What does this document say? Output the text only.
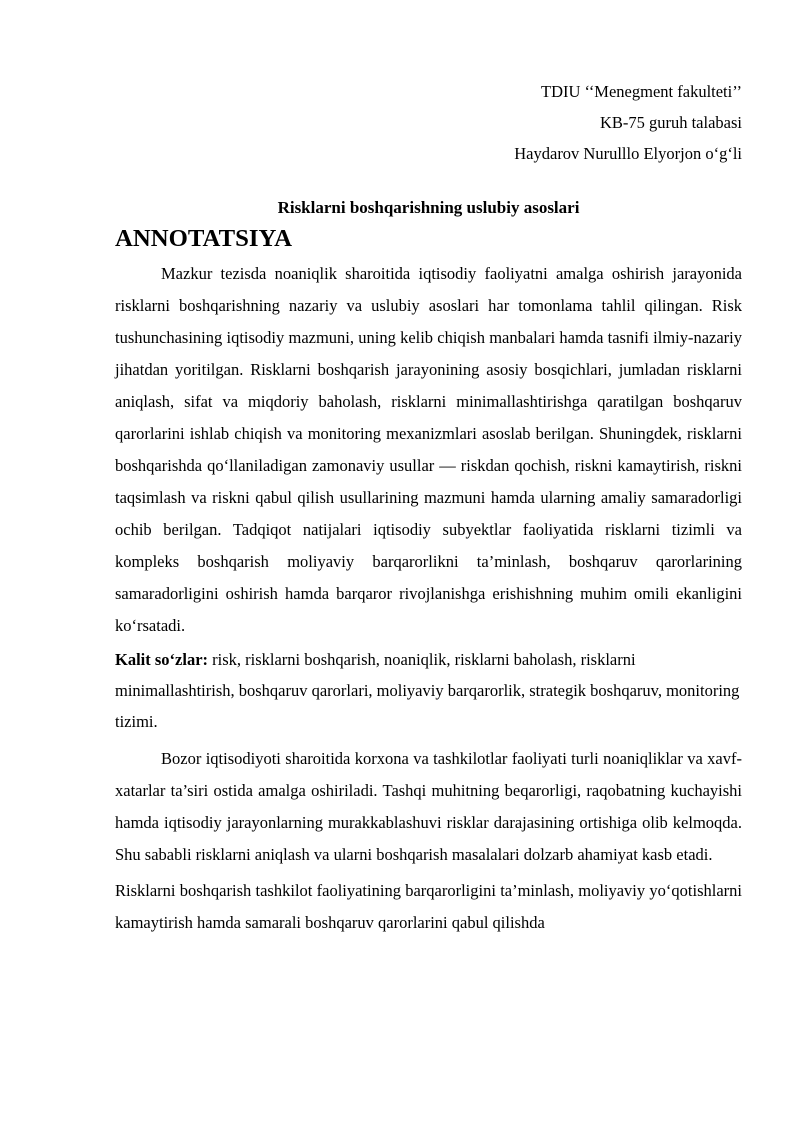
TDIU ‘‘Menegment fakulteti’’

KB-75 guruh talabasi

Haydarov Nurulllo Elyorjon o‘g‘li

Risklarni boshqarishning uslubiy asoslari
ANNOTATSIYA

Mazkur tezisda noaniqlik sharoitida iqtisodiy faoliyatni amalga oshirish jarayonida risklarni boshqarishning nazariy va uslubiy asoslari har tomonlama tahlil qilingan. Risk tushunchasining iqtisodiy mazmuni, uning kelib chiqish manbalari hamda tasnifi ilmiy-nazariy jihatdan yoritilgan. Risklarni boshqarish jarayonining asosiy bosqichlari, jumladan risklarni aniqlash, sifat va miqdoriy baholash, risklarni minimallashtirishga qaratilgan boshqaruv qarorlarini ishlab chiqish va monitoring mexanizmlari asoslab berilgan. Shuningdek, risklarni boshqarishda qo‘llaniladigan zamonaviy usullar — riskdan qochish, riskni kamaytirish, riskni taqsimlash va riskni qabul qilish usullarining mazmuni hamda ularning amaliy samaradorligi ochib berilgan. Tadqiqot natijalari iqtisodiy subyektlar faoliyatida risklarni tizimli va kompleks boshqarish moliyaviy barqarorlikni ta’minlash, boshqaruv qarorlarining samaradorligini oshirish hamda barqaror rivojlanishga erishishning muhim omili ekanligini ko‘rsatadi.

Kalit so‘zlar: risk, risklarni boshqarish, noaniqlik, risklarni baholash, risklarni minimallashtirish, boshqaruv qarorlari, moliyaviy barqarorlik, strategik boshqaruv, monitoring tizimi.

Bozor iqtisodiyoti sharoitida korxona va tashkilotlar faoliyati turli noaniqliklar va xavf-xatarlar ta’siri ostida amalga oshiriladi. Tashqi muhitning beqarorligi, raqobatning kuchayishi hamda iqtisodiy jarayonlarning murakkablashuvi risklar darajasining ortishiga olib kelmoqda. Shu sababli risklarni aniqlash va ularni boshqarish masalalari dolzarb ahamiyat kasb etadi.

Risklarni boshqarish tashkilot faoliyatining barqarorligini ta’minlash, moliyaviy yo‘qotishlarni kamaytirish hamda samarali boshqaruv qarorlarini qabul qilishda
